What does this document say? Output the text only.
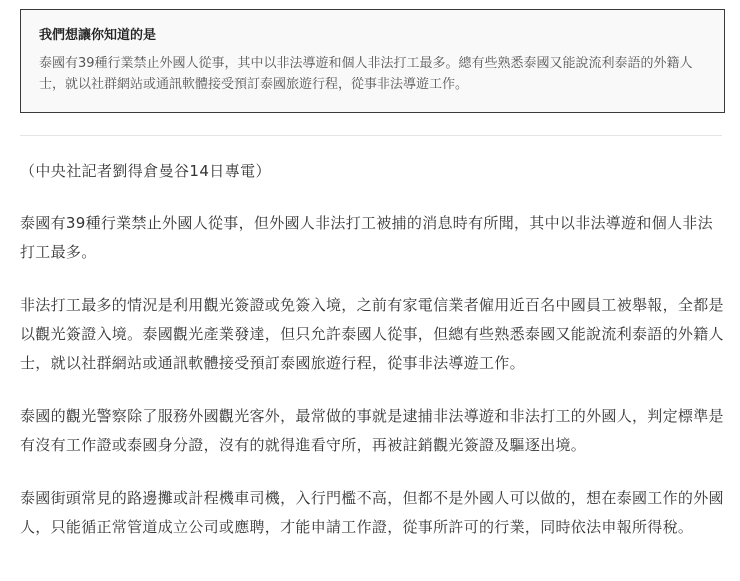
我們想讓你知道的是

泰國有39種行業禁止外國人從事，其中以非法導遊和個人非法打工最多。總有些熟悉泰國又能說流利泰語的外籍人士，就以社群網站或通訊軟體接受預訂泰國旅遊行程，從事非法導遊工作。

（中央社記者劉得倉曼谷14日專電）

泰國有39種行業禁止外國人從事，但外國人非法打工被捕的消息時有所聞，其中以非法導遊和個人非法打工最多。

非法打工最多的情況是利用觀光簽證或免簽入境，之前有家電信業者僱用近百名中國員工被舉報，全都是以觀光簽證入境。泰國觀光產業發達，但只允許泰國人從事，但總有些熟悉泰國又能說流利泰語的外籍人士，就以社群網站或通訊軟體接受預訂泰國旅遊行程，從事非法導遊工作。

泰國的觀光警察除了服務外國觀光客外，最常做的事就是逮捕非法導遊和非法打工的外國人，判定標準是有沒有工作證或泰國身分證，沒有的就得進看守所，再被註銷觀光簽證及驅逐出境。

泰國街頭常見的路邊攤或計程機車司機，入行門檻不高，但都不是外國人可以做的，想在泰國工作的外國人，只能循正常管道成立公司或應聘，才能申請工作證，從事所許可的行業，同時依法申報所得稅。
